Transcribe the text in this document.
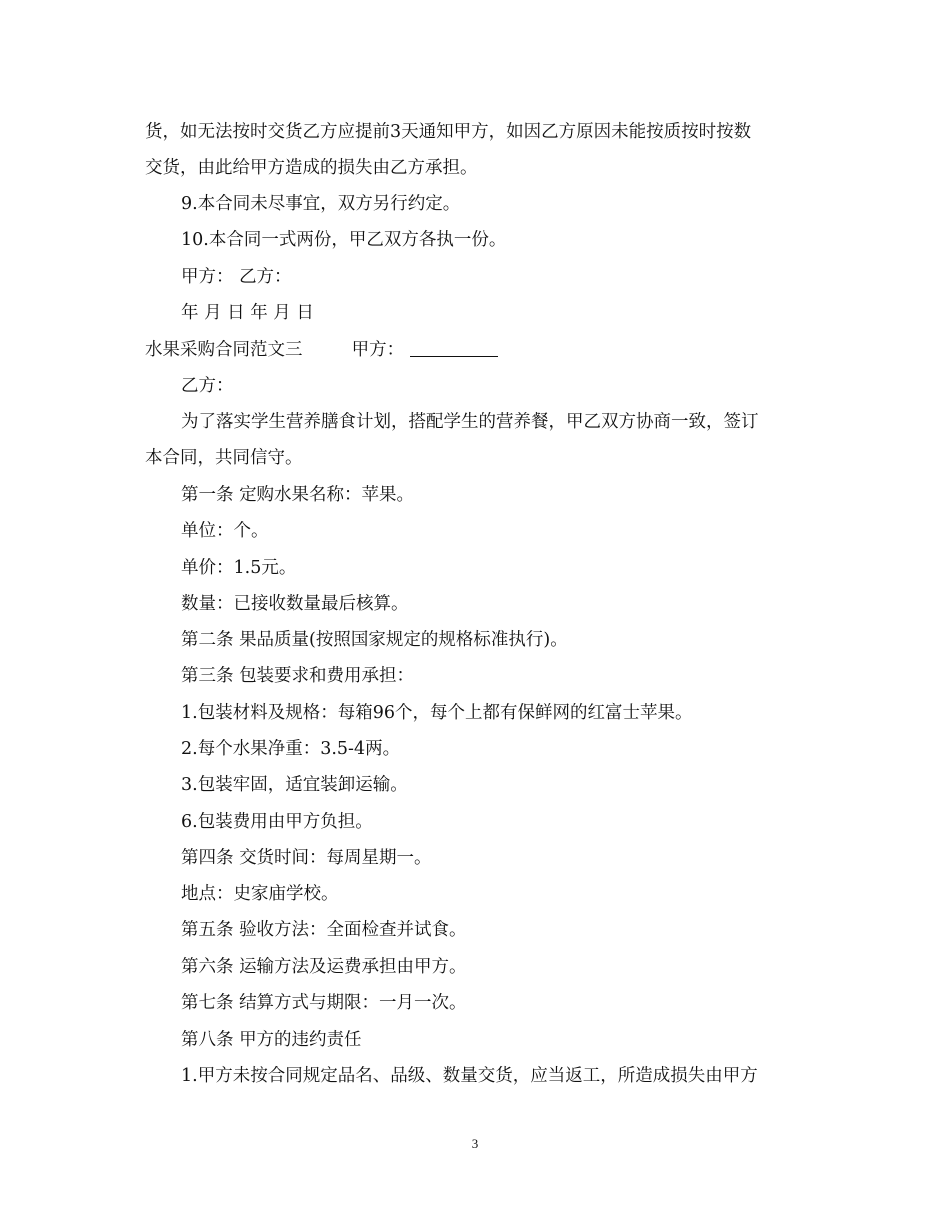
货，如无法按时交货乙方应提前3天通知甲方，如因乙方原因未能按质按时按数
交货，由此给甲方造成的损失由乙方承担。
9.本合同未尽事宜，双方另行约定。
10.本合同一式两份，甲乙双方各执一份。
甲方： 乙方：
年 月 日 年 月 日
水果采购合同范文三	甲方：
乙方：
为了落实学生营养膳食计划，搭配学生的营养餐，甲乙双方协商一致，签订
本合同，共同信守。
第一条 定购水果名称：苹果。
单位：个。
单价：1.5元。
数量：已接收数量最后核算。
第二条 果品质量(按照国家规定的规格标准执行)。
第三条 包装要求和费用承担：
1.包装材料及规格：每箱96个，每个上都有保鲜网的红富士苹果。
2.每个水果净重：3.5-4两。
3.包装牢固，适宜装卸运输。
6.包装费用由甲方负担。
第四条 交货时间：每周星期一。
地点：史家庙学校。
第五条 验收方法：全面检查并试食。
第六条 运输方法及运费承担由甲方。
第七条 结算方式与期限：一月一次。
第八条 甲方的违约责任
1.甲方未按合同规定品名、品级、数量交货，应当返工，所造成损失由甲方
3
